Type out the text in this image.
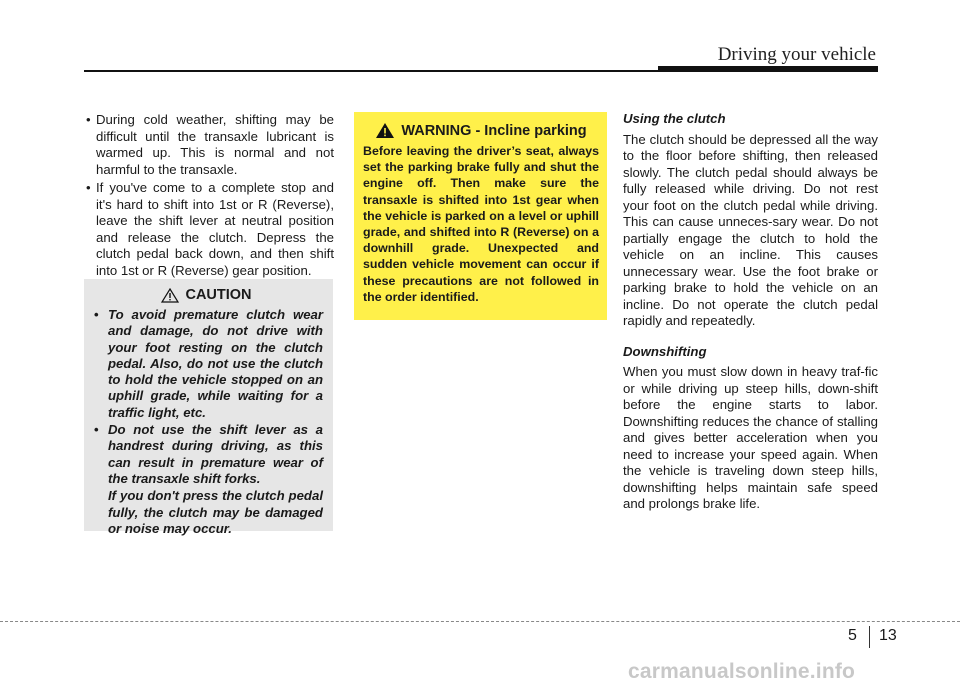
Driving your vehicle
• During cold weather, shifting may be difficult until the transaxle lubricant is warmed up. This is normal and not harmful to the transaxle.
• If you've come to a complete stop and it's hard to shift into 1st or R (Reverse), leave the shift lever at neutral position and release the clutch. Depress the clutch pedal back down, and then shift into 1st or R (Reverse) gear position.
CAUTION
• To avoid premature clutch wear and damage, do not drive with your foot resting on the clutch pedal. Also, do not use the clutch to hold the vehicle stopped on an uphill grade, while waiting for a traffic light, etc.
• Do not use the shift lever as a handrest during driving, as this can result in premature wear of the transaxle shift forks.
If you don't press the clutch pedal fully, the clutch may be damaged or noise may occur.
WARNING - Incline parking

Before leaving the driver’s seat, always set the parking brake fully and shut the engine off. Then make sure the transaxle is shifted into 1st gear when the vehicle is parked on a level or uphill grade, and shifted into R (Reverse) on a downhill grade. Unexpected and sudden vehicle movement can occur if these precautions are not followed in the order identified.

Using the clutch

The clutch should be depressed all the way to the floor before shifting, then released slowly. The clutch pedal should always be fully released while driving. Do not rest your foot on the clutch pedal while driving. This can cause unneces-sary wear. Do not partially engage the clutch to hold the vehicle on an incline. This causes unnecessary wear. Use the foot brake or parking brake to hold the vehicle on an incline. Do not operate the clutch pedal rapidly and repeatedly.

Downshifting

When you must slow down in heavy traf-fic or while driving up steep hills, down-shift before the engine starts to labor. Downshifting reduces the chance of stalling and gives better acceleration when you need to increase your speed again. When the vehicle is traveling down steep hills, downshifting helps maintain safe speed and prolongs brake life.

5 13
carmanualsonline.info
